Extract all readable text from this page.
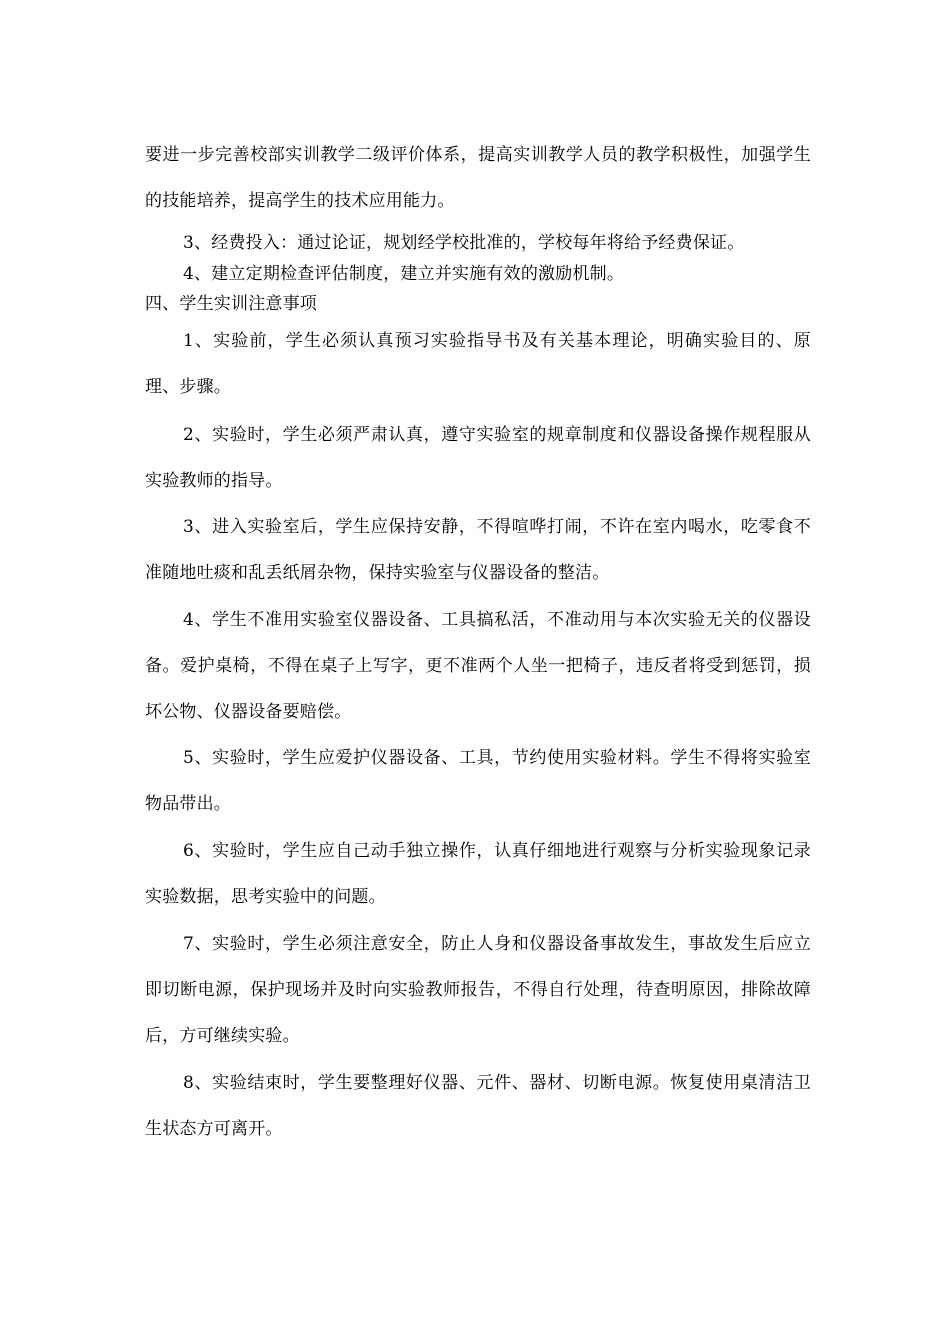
要进一步完善校部实训教学二级评价体系，提高实训教学人员的教学积极性，加强学生的技能培养，提高学生的技术应用能力。

3、经费投入：通过论证，规划经学校批准的，学校每年将给予经费保证。

4、建立定期检查评估制度，建立并实施有效的激励机制。

四、学生实训注意事项

1、实验前，学生必须认真预习实验指导书及有关基本理论，明确实验目的、原理、步骤。

2、实验时，学生必须严肃认真，遵守实验室的规章制度和仪器设备操作规程服从实验教师的指导。

3、进入实验室后，学生应保持安静，不得喧哗打闹，不许在室内喝水，吃零食不准随地吐痰和乱丢纸屑杂物，保持实验室与仪器设备的整洁。

4、学生不准用实验室仪器设备、工具搞私活，不准动用与本次实验无关的仪器设备。爱护桌椅，不得在桌子上写字，更不准两个人坐一把椅子，违反者将受到惩罚，损坏公物、仪器设备要赔偿。

5、实验时，学生应爱护仪器设备、工具，节约使用实验材料。学生不得将实验室物品带出。

6、实验时，学生应自己动手独立操作，认真仔细地进行观察与分析实验现象记录实验数据，思考实验中的问题。

7、实验时，学生必须注意安全，防止人身和仪器设备事故发生，事故发生后应立即切断电源，保护现场并及时向实验教师报告，不得自行处理，待查明原因，排除故障后，方可继续实验。

8、实验结束时，学生要整理好仪器、元件、器材、切断电源。恢复使用桌清洁卫生状态方可离开。
